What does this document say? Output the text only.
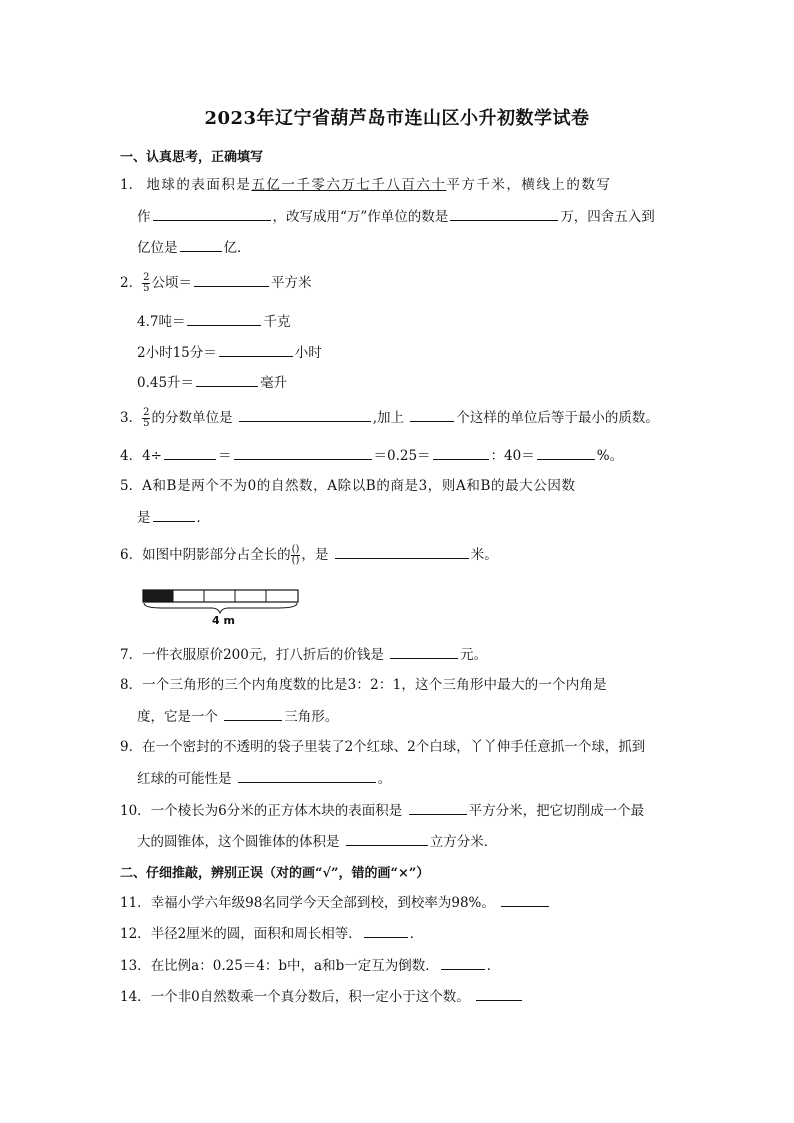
2023年辽宁省葫芦岛市连山区小升初数学试卷
一、认真思考，正确填写
1． 地球的表面积是五亿一千零六万七千八百六十平方千米，横线上的数写
作	，改写成用“万”作单位的数是	万，四舍五入到
亿位是	亿．
2． $\frac{2}{5}$ 公顷＝	平方米
4.7吨＝	千克
2小时15分＝	小时
0.45升＝	毫升
3． $\frac{2}{5}$ 的分数单位是	,加上	个这样的单位后等于最小的质数。
4．4÷	＝	＝0.25＝	：40＝	%。
5．A和B是两个不为0的自然数，A除以B的商是3，则A和B的最大公因数
是	．
6．如图中阴影部分占全长的 $\frac{()}{()}$ ，是	米。
4 m
7．一件衣服原价200元，打八折后的价钱是	元。
8．一个三角形的三个内角度数的比是3：2：1，这个三角形中最大的一个内角是
度，它是一个	三角形。
9．在一个密封的不透明的袋子里装了2个红球、2个白球，丫丫伸手任意抓一个球，抓到
红球的可能性是	。
10．一个棱长为6分米的正方体木块的表面积是	平方分米，把它切削成一个最
大的圆锥体，这个圆锥体的体积是	立方分米．
二、仔细推敲，辨别正误（对的画“√”，错的画“×”）
11．幸福小学六年级98名同学今天全部到校，到校率为98%。
12．半径2厘米的圆，面积和周长相等．	．
13．在比例a：0.25＝4：b中，a和b一定互为倒数．	．
14．一个非0自然数乘一个真分数后，积一定小于这个数。
